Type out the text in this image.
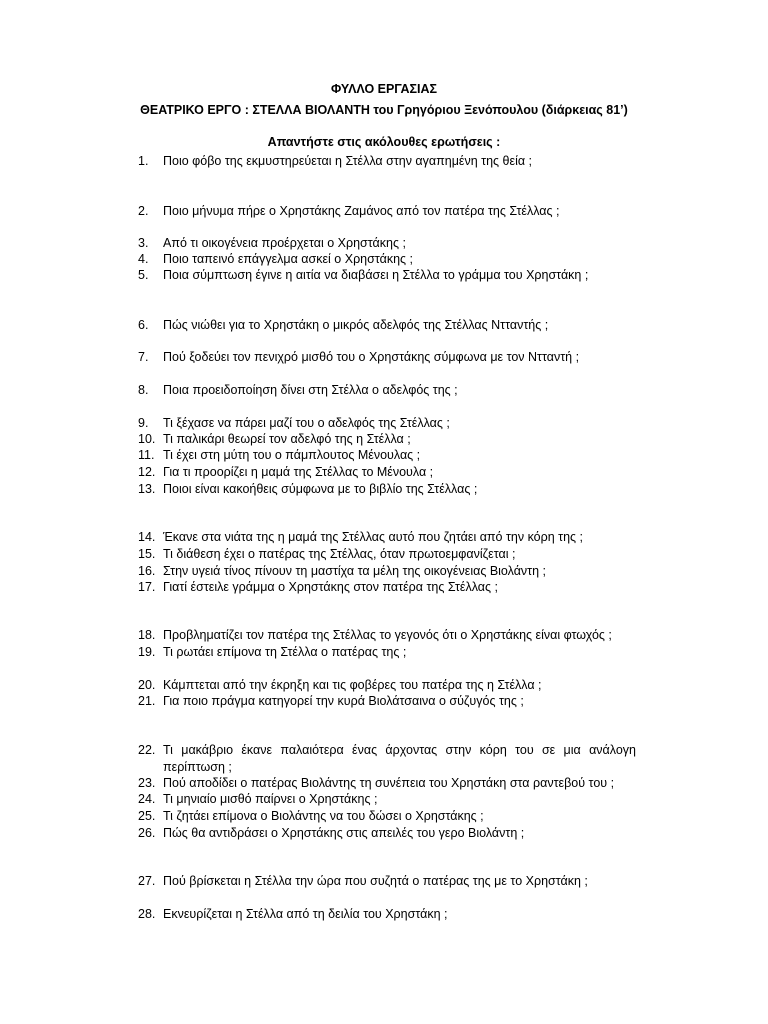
ΦΥΛΛΟ ΕΡΓΑΣΙΑΣ
ΘΕΑΤΡΙΚΟ ΕΡΓΟ : ΣΤΕΛΛΑ ΒΙΟΛΑΝΤΗ του Γρηγόριου Ξενόπουλου (διάρκειας 81’)
Απαντήστε στις ακόλουθες ερωτήσεις :
1. Ποιο φόβο της εκμυστηρεύεται η Στέλλα στην αγαπημένη της θεία ;
2. Ποιο μήνυμα πήρε ο Χρηστάκης Ζαμάνος από τον πατέρα της Στέλλας ;
3. Από τι οικογένεια προέρχεται ο Χρηστάκης ;
4. Ποιο ταπεινό επάγγελμα ασκεί ο Χρηστάκης ;
5. Ποια σύμπτωση έγινε η αιτία να διαβάσει η Στέλλα το γράμμα του Χρηστάκη ;
6. Πώς νιώθει για το Χρηστάκη ο μικρός αδελφός της Στέλλας Ντταντής ;
7. Πού ξοδεύει τον πενιχρό μισθό του ο Χρηστάκης σύμφωνα με τον Ντταντή ;
8. Ποια προειδοποίηση δίνει στη Στέλλα ο αδελφός της ;
9. Τι ξέχασε να πάρει μαζί του ο αδελφός της Στέλλας ;
10. Τι παλικάρι θεωρεί τον αδελφό της η Στέλλα ;
11. Τι έχει στη μύτη του ο πάμπλουτος Μένουλας ;
12. Για τι προορίζει η μαμά της Στέλλας το Μένουλα ;
13. Ποιοι είναι κακοήθεις σύμφωνα με το βιβλίο της Στέλλας ;
14. Έκανε στα νιάτα της η μαμά της Στέλλας αυτό που ζητάει από την κόρη της ;
15. Τι διάθεση έχει ο πατέρας της Στέλλας, όταν πρωτοεμφανίζεται ;
16. Στην υγειά τίνος πίνουν τη μαστίχα τα μέλη της οικογένειας Βιολάντη ;
17. Γιατί έστειλε γράμμα ο Χρηστάκης στον πατέρα της Στέλλας ;
18. Προβληματίζει τον πατέρα της Στέλλας το γεγονός ότι ο Χρηστάκης είναι φτωχός ;
19. Τι ρωτάει επίμονα τη Στέλλα ο πατέρας της ;
20. Κάμπτεται από την έκρηξη και τις φοβέρες του πατέρα της η Στέλλα ;
21. Για ποιο πράγμα κατηγορεί την κυρά Βιολάτσαινα ο σύζυγός της ;
22. Τι μακάβριο έκανε παλαιότερα ένας άρχοντας στην κόρη του σε μια ανάλογη περίπτωση ;
23. Πού αποδίδει ο πατέρας Βιολάντης τη συνέπεια του Χρηστάκη στα ραντεβού του ;
24. Τι μηνιαίο μισθό παίρνει ο Χρηστάκης ;
25. Τι ζητάει επίμονα ο Βιολάντης να του δώσει ο Χρηστάκης ;
26. Πώς θα αντιδράσει ο Χρηστάκης στις απειλές του γερο Βιολάντη ;
27. Πού βρίσκεται η Στέλλα την ώρα που συζητά ο πατέρας της με το Χρηστάκη ;
28. Εκνευρίζεται η Στέλλα από τη δειλία του Χρηστάκη ;
